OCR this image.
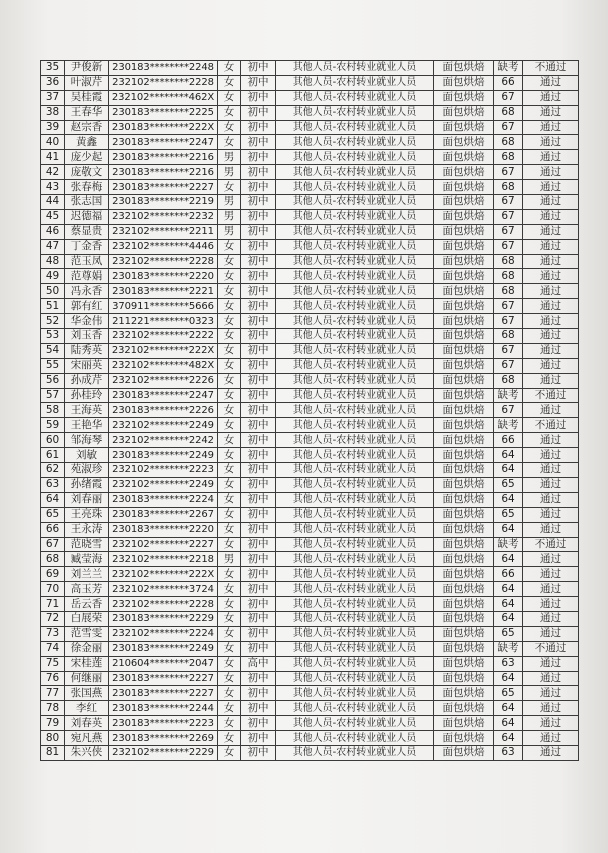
35	尹俊新	230183********2248	女	初中	其他人员-农村转业就业人员	面包烘焙	缺考	不通过
36	叶淑芹	232102********2228	女	初中	其他人员-农村转业就业人员	面包烘焙	66	通过
37	吴桂霞	232102********462X	女	初中	其他人员-农村转业就业人员	面包烘焙	67	通过
38	王春华	230183********2225	女	初中	其他人员-农村转业就业人员	面包烘焙	68	通过
39	赵宗香	230183********222X	女	初中	其他人员-农村转业就业人员	面包烘焙	67	通过
40	黄鑫	230183********2247	女	初中	其他人员-农村转业就业人员	面包烘焙	68	通过
41	庞少起	230183********2216	男	初中	其他人员-农村转业就业人员	面包烘焙	68	通过
42	庞敬文	230183********2216	男	初中	其他人员-农村转业就业人员	面包烘焙	67	通过
43	张春梅	230183********2227	女	初中	其他人员-农村转业就业人员	面包烘焙	68	通过
44	张志国	230183********2219	男	初中	其他人员-农村转业就业人员	面包烘焙	67	通过
45	迟德福	232102********2232	男	初中	其他人员-农村转业就业人员	面包烘焙	67	通过
46	蔡显贵	232102********2211	男	初中	其他人员-农村转业就业人员	面包烘焙	67	通过
47	丁金香	232102********4446	女	初中	其他人员-农村转业就业人员	面包烘焙	67	通过
48	范玉凤	232102********2228	女	初中	其他人员-农村转业就业人员	面包烘焙	68	通过
49	范尊娟	230183********2220	女	初中	其他人员-农村转业就业人员	面包烘焙	68	通过
50	冯永香	230183********2221	女	初中	其他人员-农村转业就业人员	面包烘焙	68	通过
51	郭有红	370911********5666	女	初中	其他人员-农村转业就业人员	面包烘焙	67	通过
52	华金伟	211221********0323	女	初中	其他人员-农村转业就业人员	面包烘焙	67	通过
53	刘玉香	232102********2222	女	初中	其他人员-农村转业就业人员	面包烘焙	68	通过
54	陆秀英	232102********222X	女	初中	其他人员-农村转业就业人员	面包烘焙	67	通过
55	宋丽英	232102********482X	女	初中	其他人员-农村转业就业人员	面包烘焙	67	通过
56	孙成芹	232102********2226	女	初中	其他人员-农村转业就业人员	面包烘焙	68	通过
57	孙桂玲	230183********2247	女	初中	其他人员-农村转业就业人员	面包烘焙	缺考	不通过
58	王海英	230183********2226	女	初中	其他人员-农村转业就业人员	面包烘焙	67	通过
59	王艳华	232102********2249	女	初中	其他人员-农村转业就业人员	面包烘焙	缺考	不通过
60	邹海琴	232102********2242	女	初中	其他人员-农村转业就业人员	面包烘焙	66	通过
61	刘敏	230183********2249	女	初中	其他人员-农村转业就业人员	面包烘焙	64	通过
62	苑淑珍	232102********2223	女	初中	其他人员-农村转业就业人员	面包烘焙	64	通过
63	孙绪霞	232102********2249	女	初中	其他人员-农村转业就业人员	面包烘焙	65	通过
64	刘春丽	230183********2224	女	初中	其他人员-农村转业就业人员	面包烘焙	64	通过
65	王亮珠	230183********2267	女	初中	其他人员-农村转业就业人员	面包烘焙	65	通过
66	王永涛	230183********2220	女	初中	其他人员-农村转业就业人员	面包烘焙	64	通过
67	范晓雪	232102********2227	女	初中	其他人员-农村转业就业人员	面包烘焙	缺考	不通过
68	臧莹海	232102********2218	男	初中	其他人员-农村转业就业人员	面包烘焙	64	通过
69	刘兰兰	232102********222X	女	初中	其他人员-农村转业就业人员	面包烘焙	66	通过
70	高玉芳	232102********3724	女	初中	其他人员-农村转业就业人员	面包烘焙	64	通过
71	岳云香	232102********2228	女	初中	其他人员-农村转业就业人员	面包烘焙	64	通过
72	白展荣	230183********2229	女	初中	其他人员-农村转业就业人员	面包烘焙	64	通过
73	范雪雯	232102********2224	女	初中	其他人员-农村转业就业人员	面包烘焙	65	通过
74	徐金丽	230183********2249	女	初中	其他人员-农村转业就业人员	面包烘焙	缺考	不通过
75	宋桂莲	210604********2047	女	高中	其他人员-农村转业就业人员	面包烘焙	63	通过
76	何继丽	230183********2227	女	初中	其他人员-农村转业就业人员	面包烘焙	64	通过
77	张国燕	230183********2227	女	初中	其他人员-农村转业就业人员	面包烘焙	65	通过
78	李红	230183********2244	女	初中	其他人员-农村转业就业人员	面包烘焙	64	通过
79	刘春英	230183********2223	女	初中	其他人员-农村转业就业人员	面包烘焙	64	通过
80	宛凡燕	230183********2269	女	初中	其他人员-农村转业就业人员	面包烘焙	64	通过
81	朱兴侠	232102********2229	女	初中	其他人员-农村转业就业人员	面包烘焙	63	通过
